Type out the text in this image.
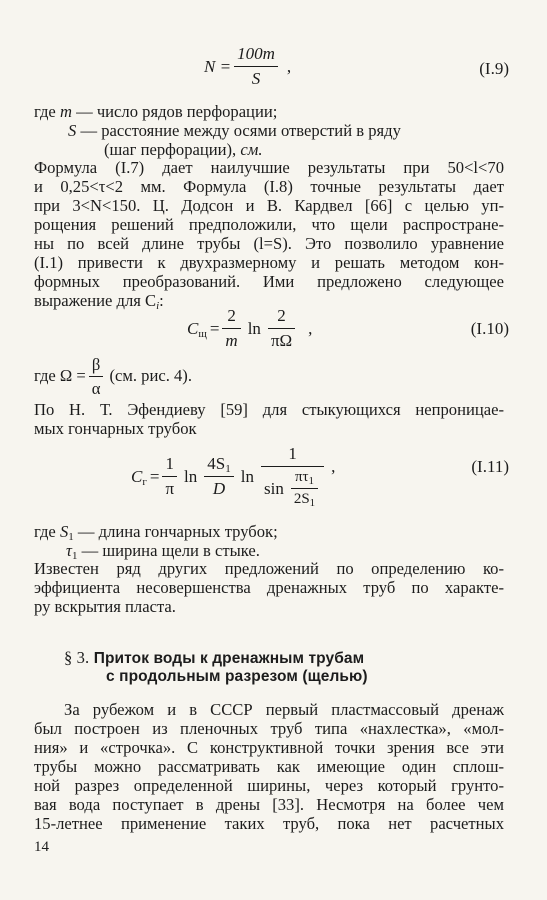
$N = \frac{100m}{S}$ ,	(I.9)
где m — число рядов перфорации;
S — расстояние между осями отверстий в ряду
(шаг перфорации), см.
Формула (I.7) дает наилучшие результаты при 50<l<70
и 0,25<τ<2 мм. Формула (I.8) точные результаты дает
при 3<N<150. Ц. Додсон и В. Кардвел [66] с целью уп-
рощения решений предположили, что щели распростране-
ны по всей длине трубы (l=S). Это позволило уравнение
(I.1) привести к двухразмерному и решать методом кон-
формных преобразований. Ими предложено следующее
выражение для $C_i$:
$C_щ = \frac{2}{m}$ $\ln \frac{2}{\pi\Omega}$ ,	(I.10)
где $\Omega = \frac{\beta}{\alpha} (см$. рис. 4).
По Н. Т. Эфендиеву [59] для стыкующихся непроницае-
мых гончарных трубок
$C_г = \frac{1}{\pi}$ $\ln \frac{4S_1}{D}$ $\ln \frac{1}{\sin \frac{\pi\tau_1}{2S_1}}$ ,	(I.11)
где $S_1$ — длина гончарных трубок;
$\tau_1$ — ширина щели в стыке.
Известен ряд других предложений по определению ко-
эффициента несовершенства дренажных труб по характе-
ру вскрытия пласта.
§ 3. Приток воды к дренажным трубам
с продольным разрезом (щелью)
За рубежом и в СССР первый пластмассовый дренаж
был построен из пленочных труб типа «нахлестка», «мол-
ния» и «строчка». С конструктивной точки зрения все эти
трубы можно рассматривать как имеющие один сплош-
ной разрез определенной ширины, через который грунто-
вая вода поступает в дрены [33]. Несмотря на более чем
15-летнее применение таких труб, пока нет расчетных
14
